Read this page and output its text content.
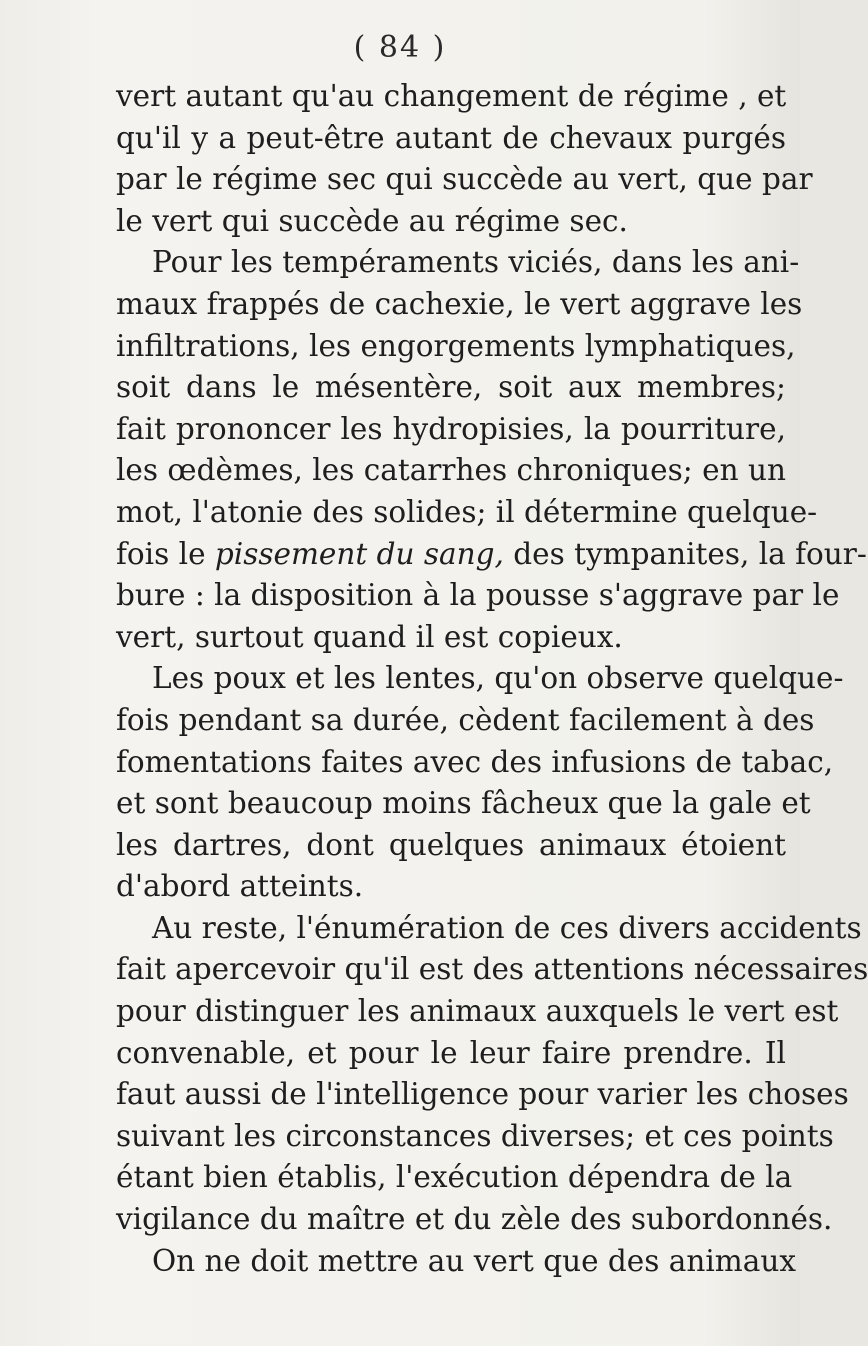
( 84 )
vert autant qu'au changement de régime , et
qu'il y a peut-être autant de chevaux purgés
par le régime sec qui succède au vert, que par
le vert qui succède au régime sec.
Pour les tempéraments viciés, dans les ani-
maux frappés de cachexie, le vert aggrave les
infiltrations, les engorgements lymphatiques,
soit dans le mésentère, soit aux membres;
fait prononcer les hydropisies, la pourriture,
les œdèmes, les catarrhes chroniques; en un
mot, l'atonie des solides; il détermine quelque-
fois le pissement du sang, des tympanites, la four-
bure : la disposition à la pousse s'aggrave par le
vert, surtout quand il est copieux.
Les poux et les lentes, qu'on observe quelque-
fois pendant sa durée, cèdent facilement à des
fomentations faites avec des infusions de tabac,
et sont beaucoup moins fâcheux que la gale et
les dartres, dont quelques animaux étoient
d'abord atteints.
Au reste, l'énumération de ces divers accidents
fait apercevoir qu'il est des attentions nécessaires
pour distinguer les animaux auxquels le vert est
convenable, et pour le leur faire prendre. Il
faut aussi de l'intelligence pour varier les choses
suivant les circonstances diverses; et ces points
étant bien établis, l'exécution dépendra de la
vigilance du maître et du zèle des subordonnés.
On ne doit mettre au vert que des animaux
